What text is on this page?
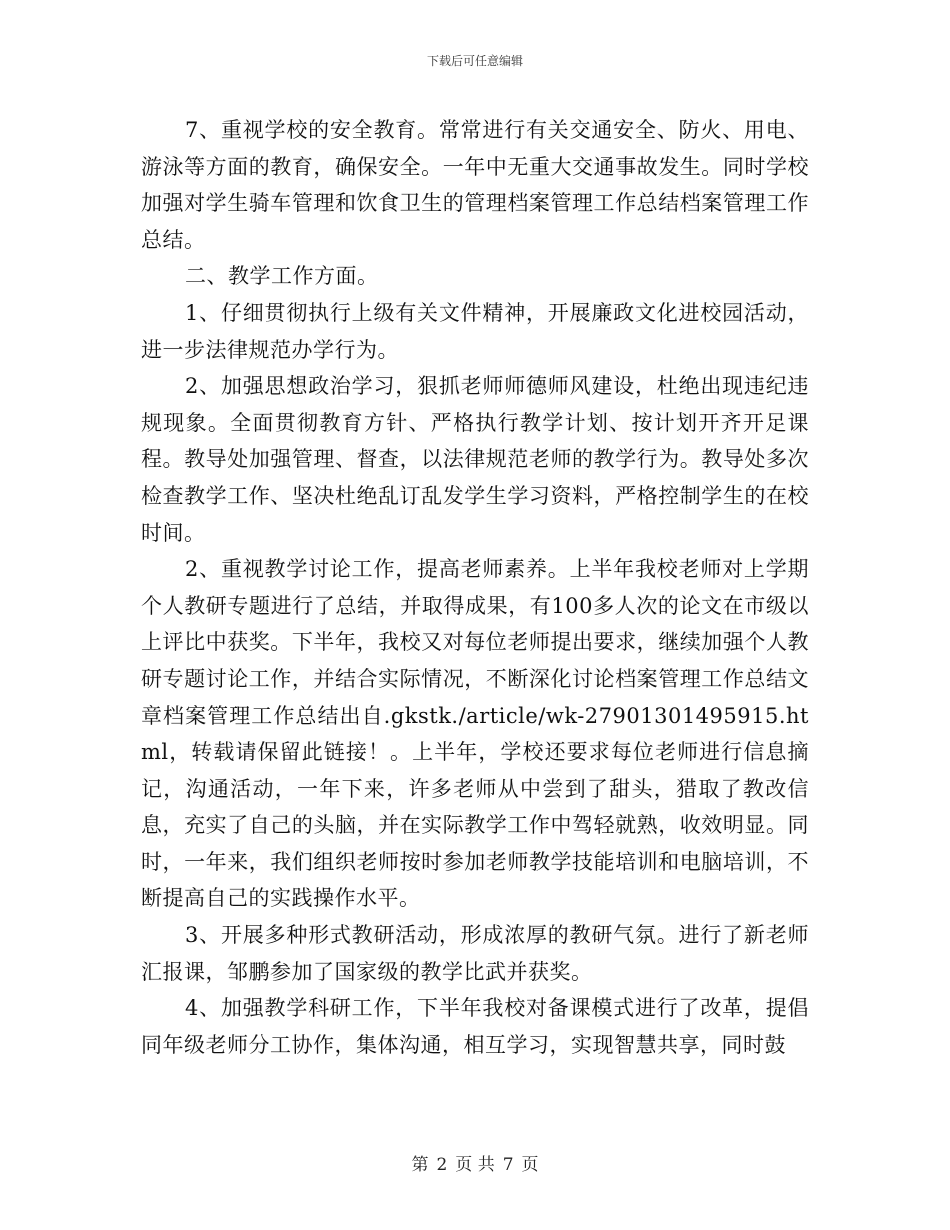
下载后可任意编辑

7、重视学校的安全教育。常常进行有关交通安全、防火、用电、游泳等方面的教育，确保安全。一年中无重大交通事故发生。同时学校加强对学生骑车管理和饮食卫生的管理档案管理工作总结档案管理工作总结。

二、教学工作方面。

1、仔细贯彻执行上级有关文件精神，开展廉政文化进校园活动，进一步法律规范办学行为。

2、加强思想政治学习，狠抓老师师德师风建设，杜绝出现违纪违规现象。全面贯彻教育方针、严格执行教学计划、按计划开齐开足课程。教导处加强管理、督查，以法律规范老师的教学行为。教导处多次检查教学工作、坚决杜绝乱订乱发学生学习资料，严格控制学生的在校时间。

2、重视教学讨论工作，提高老师素养。上半年我校老师对上学期个人教研专题进行了总结，并取得成果，有100多人次的论文在市级以上评比中获奖。下半年，我校又对每位老师提出要求，继续加强个人教研专题讨论工作，并结合实际情况，不断深化讨论档案管理工作总结文章档案管理工作总结出自.gkstk./article/wk-27901301495915.html，转载请保留此链接！。上半年，学校还要求每位老师进行信息摘记，沟通活动，一年下来，许多老师从中尝到了甜头，猎取了教改信息，充实了自己的头脑，并在实际教学工作中驾轻就熟，收效明显。同时，一年来，我们组织老师按时参加老师教学技能培训和电脑培训，不断提高自己的实践操作水平。

3、开展多种形式教研活动，形成浓厚的教研气氛。进行了新老师汇报课，邹鹏参加了国家级的教学比武并获奖。

4、加强教学科研工作，下半年我校对备课模式进行了改革，提倡同年级老师分工协作，集体沟通，相互学习，实现智慧共享，同时鼓

第 2 页 共 7 页
